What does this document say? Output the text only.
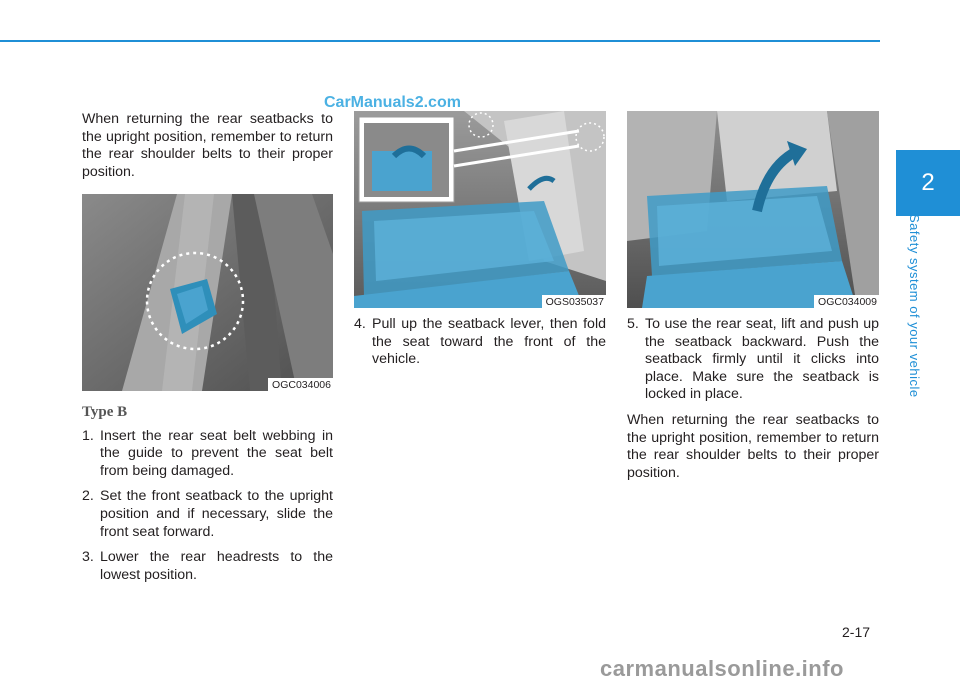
CarManuals2.com

When returning the rear seatbacks to the upright position, remember to return the rear shoulder belts to their proper position.

OGC034006
Type B
1. Insert the rear seat belt webbing in the guide to prevent the seat belt from being damaged.
2. Set the front seatback to the upright position and if necessary, slide the front seat forward.
3. Lower the rear headrests to the lowest position.
OGS035037
4. Pull up the seatback lever, then fold the seat toward the front of the vehicle.
OGC034009
5. To use the rear seat, lift and push up the seatback backward. Push the seatback firmly until it clicks into place. Make sure the seatback is locked in place.

When returning the rear seatbacks to the upright position, remember to return the rear shoulder belts to their proper position.

2
Safety system of your vehicle
2-17
carmanualsonline.info
